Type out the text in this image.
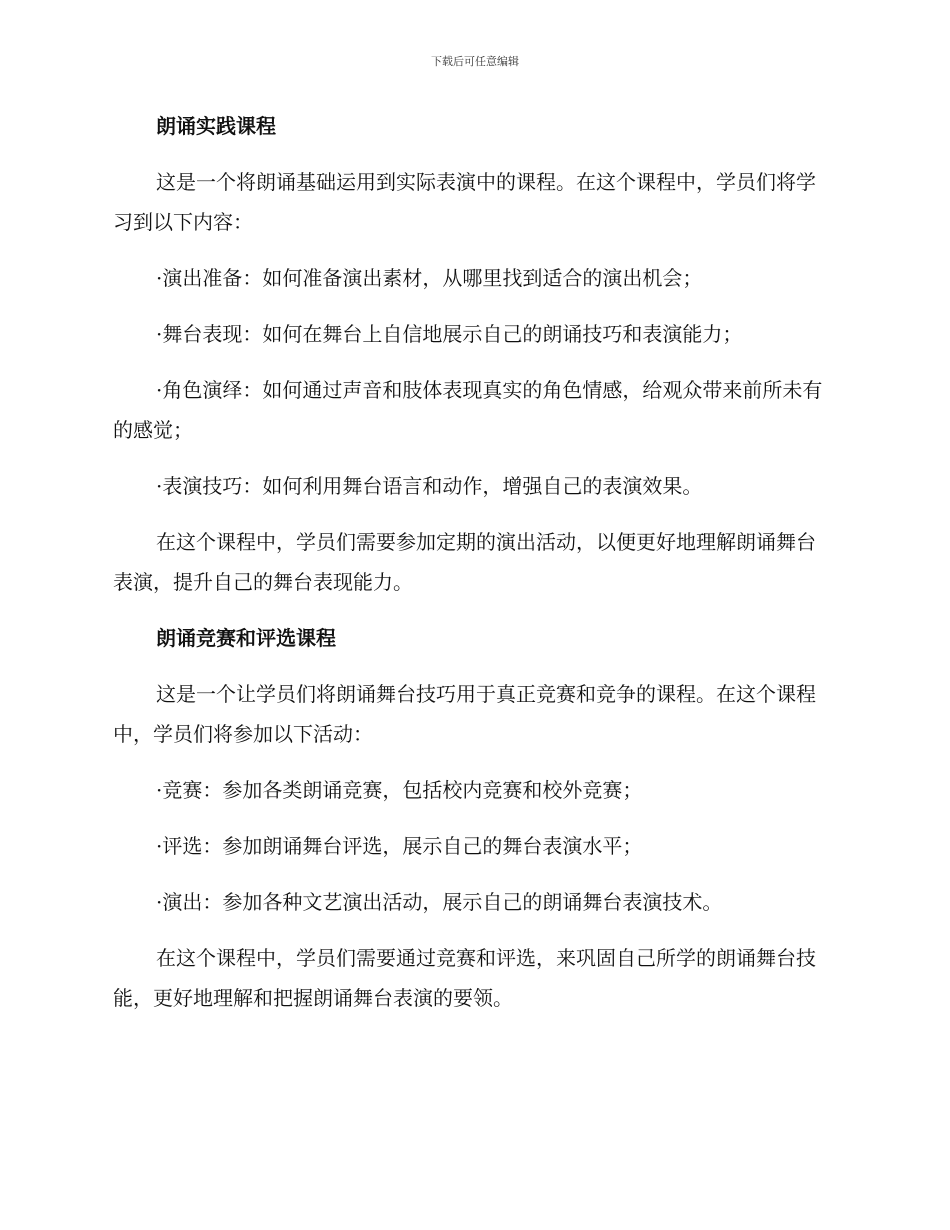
下载后可任意编辑
朗诵实践课程

这是一个将朗诵基础运用到实际表演中的课程。在这个课程中，学员们将学习到以下内容：

·演出准备：如何准备演出素材，从哪里找到适合的演出机会；

·舞台表现：如何在舞台上自信地展示自己的朗诵技巧和表演能力；

·角色演绎：如何通过声音和肢体表现真实的角色情感，给观众带来前所未有的感觉；

·表演技巧：如何利用舞台语言和动作，增强自己的表演效果。

在这个课程中，学员们需要参加定期的演出活动，以便更好地理解朗诵舞台表演，提升自己的舞台表现能力。

朗诵竞赛和评选课程

这是一个让学员们将朗诵舞台技巧用于真正竞赛和竞争的课程。在这个课程中，学员们将参加以下活动：

·竞赛：参加各类朗诵竞赛，包括校内竞赛和校外竞赛；

·评选：参加朗诵舞台评选，展示自己的舞台表演水平；

·演出：参加各种文艺演出活动，展示自己的朗诵舞台表演技术。

在这个课程中，学员们需要通过竞赛和评选，来巩固自己所学的朗诵舞台技能，更好地理解和把握朗诵舞台表演的要领。
